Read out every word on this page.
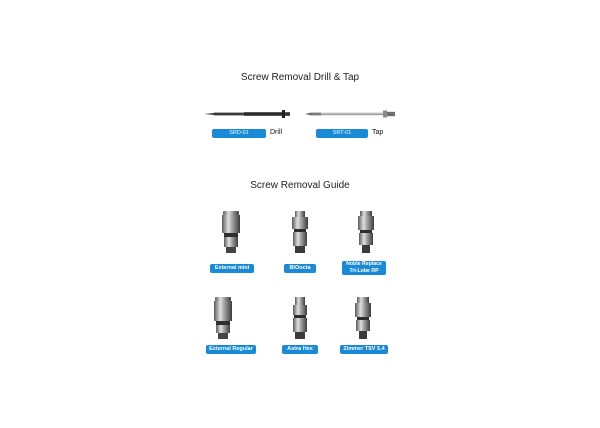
Screw Removal Drill & Tap
SRD-01	Drill	SRT-01	Tap
Screw Removal Guide
External mini	BIOocta
Noble Replace
Tri-Lobe RP
External Regular	Astra Hex	Zimmer TSV 5.4
